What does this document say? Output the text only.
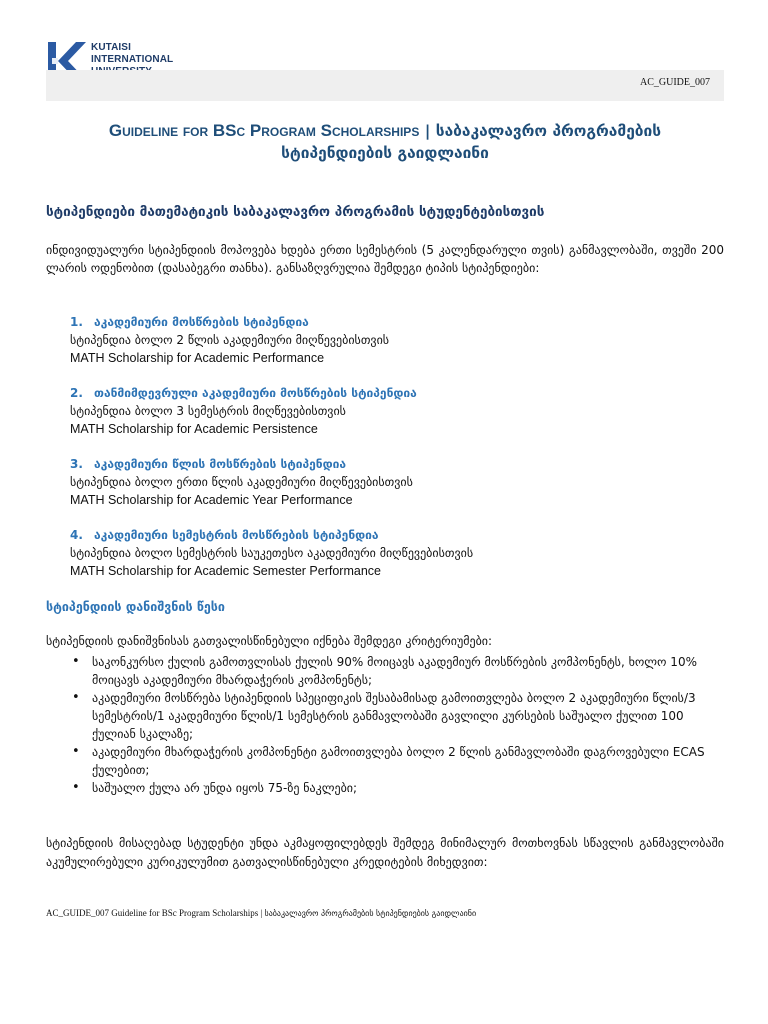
KUTAISI
INTERNATIONAL
AC_GUIDE_007
Guideline for BSc Program Scholarships | საბაკალავრო პროგრამების
სტიპენდიების გაიდლაინი
სტიპენდიები მათემატიკის საბაკალავრო პროგრამის სტუდენტებისთვის
ინდივიდუალური სტიპენდიის მოპოვება ხდება ერთი სემესტრის (5 კალენდარული თვის) განმავლობაში, თვეში 200 ლარის ოდენობით (დასაბეგრი თანხა). განსაზღვრულია შემდეგი ტიპის სტიპენდიები:
1. აკადემიური მოსწრების სტიპენდია
სტიპენდია ბოლო 2 წლის აკადემიური მიღწევებისთვის
MATH Scholarship for Academic Performance
2. თანმიმდევრული აკადემიური მოსწრების სტიპენდია
სტიპენდია ბოლო 3 სემესტრის მიღწევებისთვის
MATH Scholarship for Academic Persistence
3. აკადემიური წლის მოსწრების სტიპენდია
სტიპენდია ბოლო ერთი წლის აკადემიური მიღწევებისთვის
MATH Scholarship for Academic Year Performance
4. აკადემიური სემესტრის მოსწრების სტიპენდია
სტიპენდია ბოლო სემესტრის საუკეთესო აკადემიური მიღწევებისთვის
MATH Scholarship for Academic Semester Performance
სტიპენდიის დანიშვნის წესი
სტიპენდიის დანიშვნისას გათვალისწინებული იქნება შემდეგი კრიტერიუმები:
• საკონკურსო ქულის გამოთვლისას ქულის 90% მოიცავს აკადემიურ მოსწრების კომპონენტს, ხოლო 10% მოიცავს აკადემიური მხარდაჭერის კომპონენტს;
• აკადემიური მოსწრება სტიპენდიის სპეციფიკის შესაბამისად გამოითვლება ბოლო 2 აკადემიური წლის/3 სემესტრის/1 აკადემიური წლის/1 სემესტრის განმავლობაში გავლილი კურსების საშუალო ქულით 100 ქულიან სკალაზე;
• აკადემიური მხარდაჭერის კომპონენტი გამოითვლება ბოლო 2 წლის განმავლობაში დაგროვებული ECAS ქულებით;
• საშუალო ქულა არ უნდა იყოს 75-ზე ნაკლები;
სტიპენდიის მისაღებად სტუდენტი უნდა აკმაყოფილებდეს შემდეგ მინიმალურ მოთხოვნას სწავლის განმავლობაში აკუმულირებული კურიკულუმით გათვალისწინებული კრედიტების მიხედვით:
AC_GUIDE_007 Guideline for BSc Program Scholarships | საბაკალავრო პროგრამების სტიპენდიების გაიდლაინი
